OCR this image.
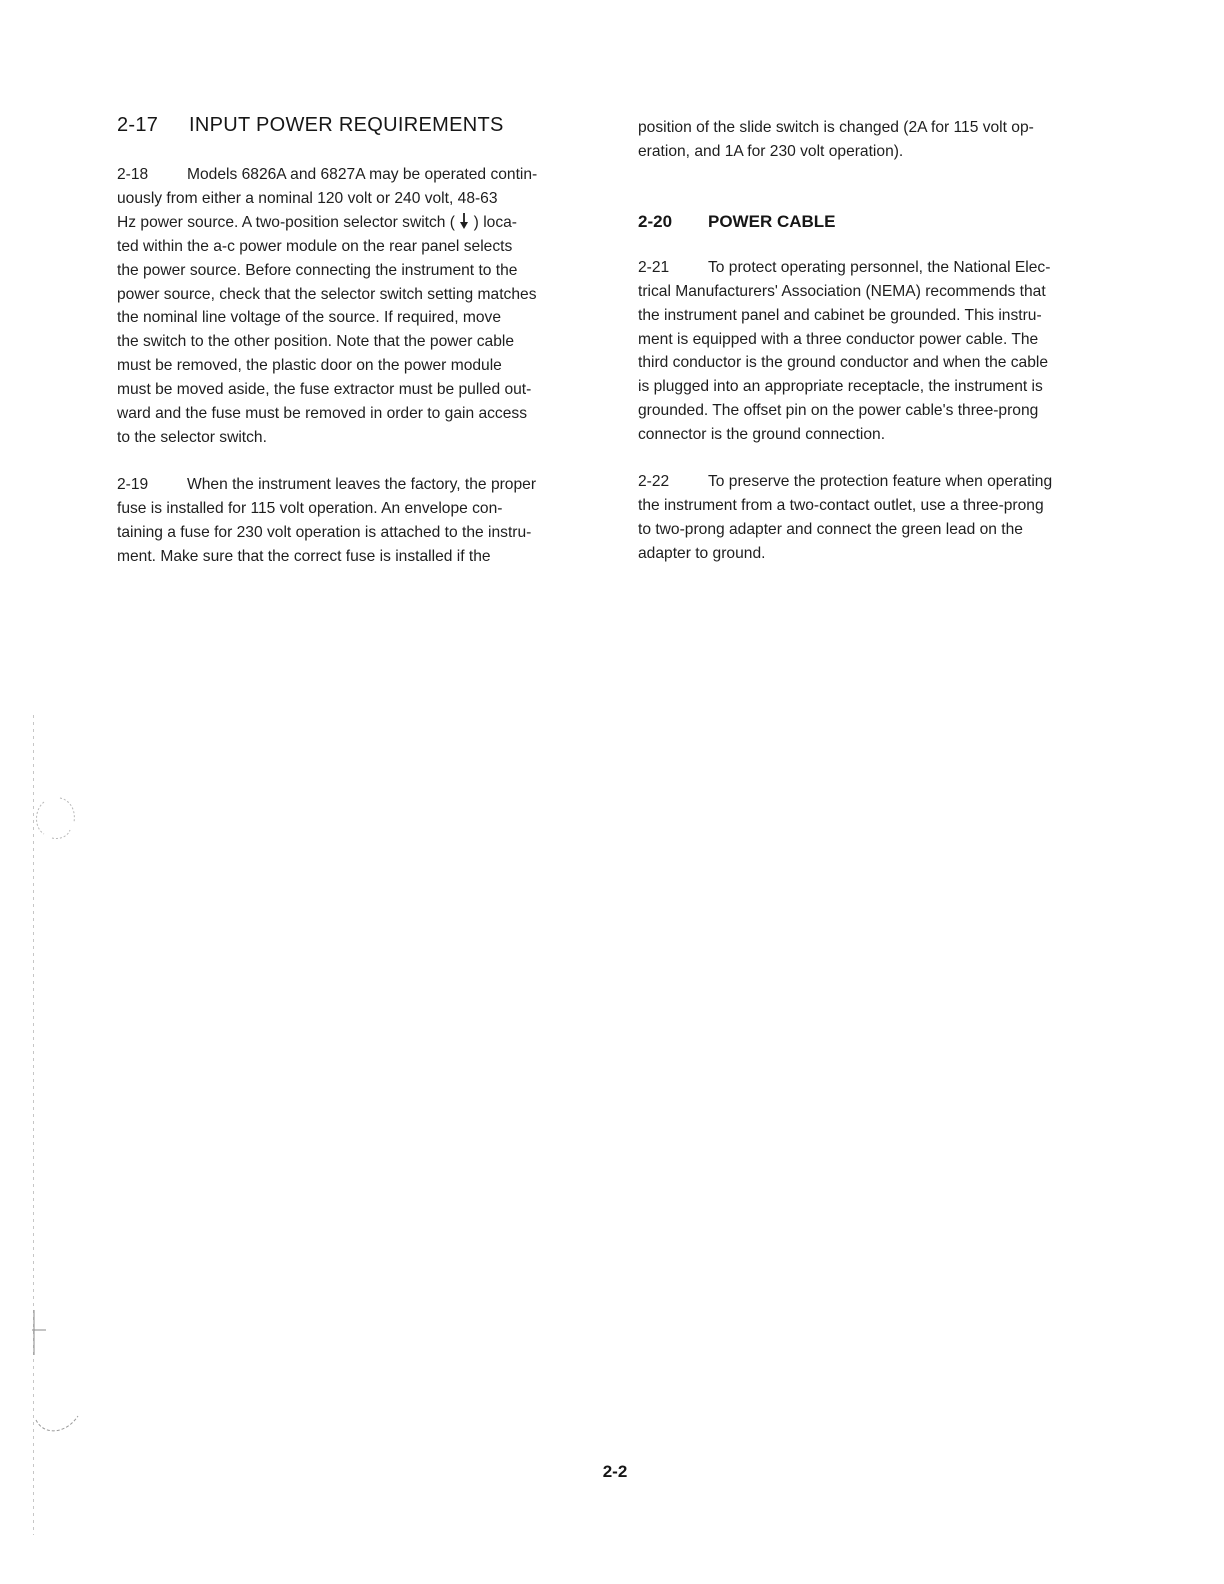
2-17	INPUT POWER REQUIREMENTS

2-18 Models 6826A and 6827A may be operated contin-
uously from either a nominal 120 volt or 240 volt, 48-63
Hz power source. A two-position selector switch (  ) loca-
ted within the a-c power module on the rear panel selects
the power source. Before connecting the instrument to the
power source, check that the selector switch setting matches
the nominal line voltage of the source. If required, move
the switch to the other position. Note that the power cable
must be removed, the plastic door on the power module
must be moved aside, the fuse extractor must be pulled out-
ward and the fuse must be removed in order to gain access
to the selector switch.

2-19 When the instrument leaves the factory, the proper
fuse is installed for 115 volt operation. An envelope con-
taining a fuse for 230 volt operation is attached to the instru-
ment. Make sure that the correct fuse is installed if the

position of the slide switch is changed (2A for 115 volt op-
eration, and 1A for 230 volt operation).

2-20	POWER CABLE

2-21 To protect operating personnel, the National Elec-
trical Manufacturers' Association (NEMA) recommends that
the instrument panel and cabinet be grounded. This instru-
ment is equipped with a three conductor power cable. The
third conductor is the ground conductor and when the cable
is plugged into an appropriate receptacle, the instrument is
grounded. The offset pin on the power cable's three-prong
connector is the ground connection.

2-22 To preserve the protection feature when operating
the instrument from a two-contact outlet, use a three-prong
to two-prong adapter and connect the green lead on the
adapter to ground.

2-2
